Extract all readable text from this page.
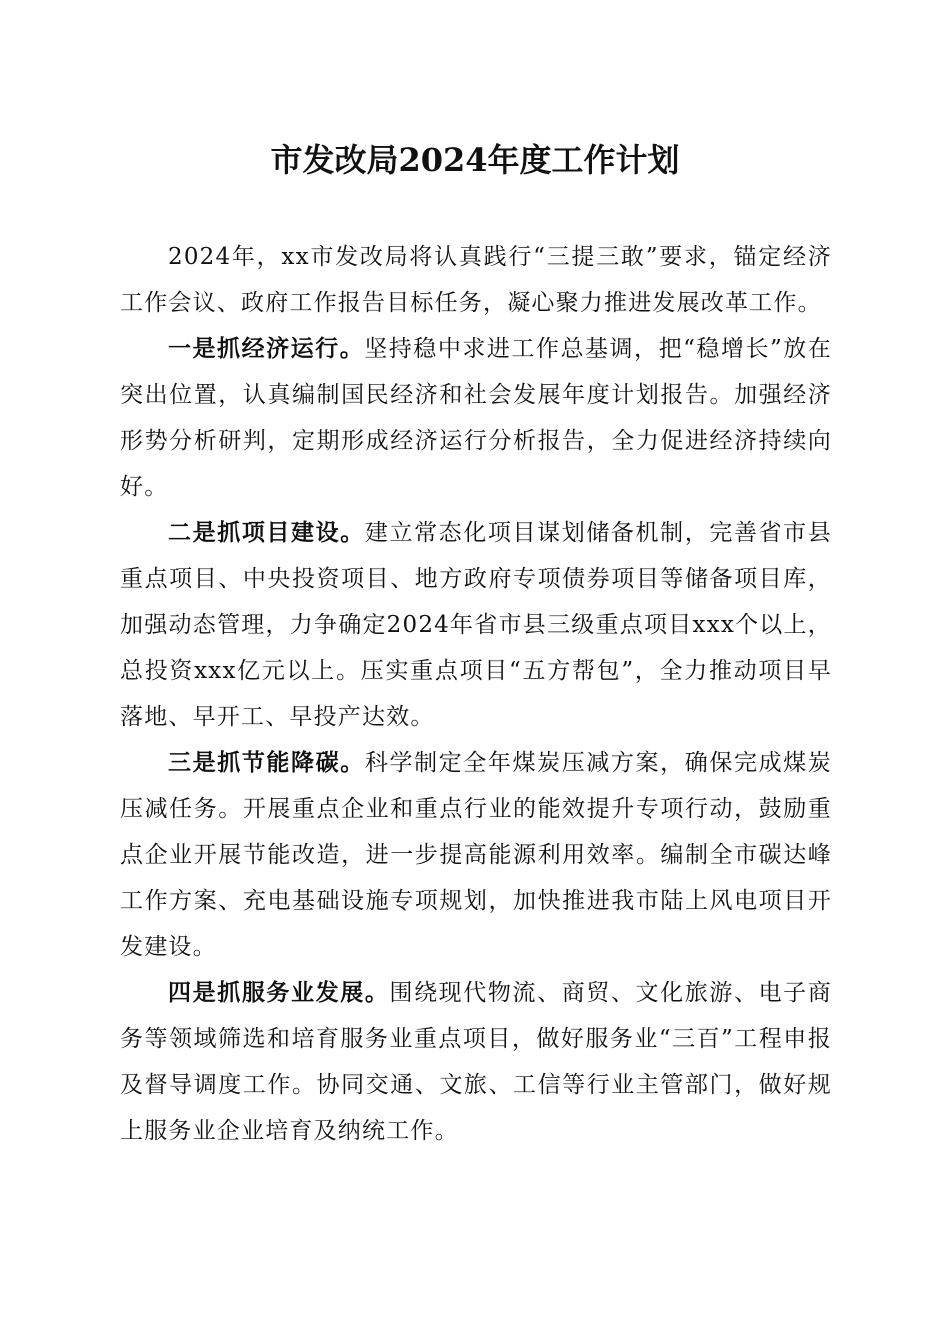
市发改局2024年度工作计划

2024年，xx市发改局将认真践行“三提三敢”要求，锚定经济工作会议、政府工作报告目标任务，凝心聚力推进发展改革工作。

一是抓经济运行。坚持稳中求进工作总基调，把“稳增长”放在突出位置，认真编制国民经济和社会发展年度计划报告。加强经济形势分析研判，定期形成经济运行分析报告，全力促进经济持续向好。

二是抓项目建设。建立常态化项目谋划储备机制，完善省市县重点项目、中央投资项目、地方政府专项债券项目等储备项目库，加强动态管理，力争确定2024年省市县三级重点项目xxx个以上，总投资xxx亿元以上。压实重点项目“五方帮包”，全力推动项目早落地、早开工、早投产达效。

三是抓节能降碳。科学制定全年煤炭压减方案，确保完成煤炭压减任务。开展重点企业和重点行业的能效提升专项行动，鼓励重点企业开展节能改造，进一步提高能源利用效率。编制全市碳达峰工作方案、充电基础设施专项规划，加快推进我市陆上风电项目开发建设。

四是抓服务业发展。围绕现代物流、商贸、文化旅游、电子商务等领域筛选和培育服务业重点项目，做好服务业“三百”工程申报及督导调度工作。协同交通、文旅、工信等行业主管部门，做好规上服务业企业培育及纳统工作。
